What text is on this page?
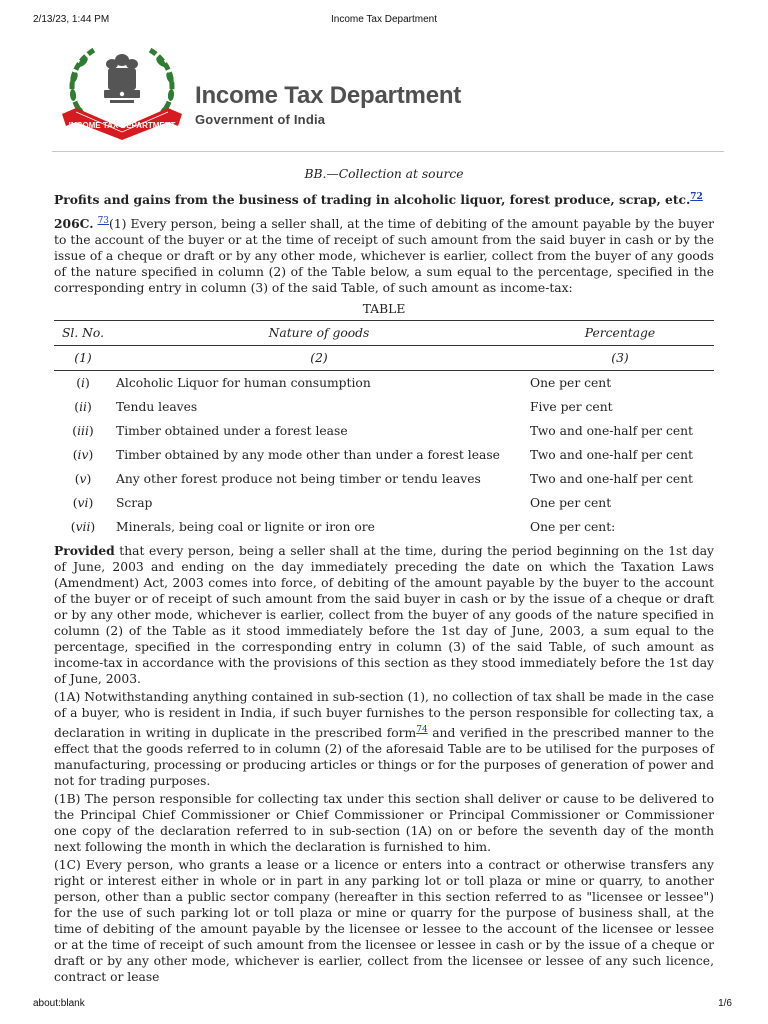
2/13/23, 1:44 PM	Income Tax Department
INCOME TAX DEPARTMENT
Income Tax Department
Government of India

BB.—Collection at source

Profits and gains from the business of trading in alcoholic liquor, forest produce, scrap, etc.$^{72}$

206C. $^{73}$(1) Every person, being a seller shall, at the time of debiting of the amount payable by the buyer to the account of the buyer or at the time of receipt of such amount from the said buyer in cash or by the issue of a cheque or draft or by any other mode, whichever is earlier, collect from the buyer of any goods of the nature specified in column (2) of the Table below, a sum equal to the percentage, specified in the corresponding entry in column (3) of the said Table, of such amount as income-tax:

TABLE
Sl. No.	Nature of goods	Percentage
(1)	(2)	(3)
(i)	Alcoholic Liquor for human consumption	One per cent
(ii)	Tendu leaves	Five per cent
(iii)	Timber obtained under a forest lease	Two and one-half per cent
(iv)	Timber obtained by any mode other than under a forest lease	Two and one-half per cent
(v)	Any other forest produce not being timber or tendu leaves	Two and one-half per cent
(vi)	Scrap	One per cent
(vii)	Minerals, being coal or lignite or iron ore	One per cent:

Provided that every person, being a seller shall at the time, during the period beginning on the 1st day of June, 2003 and ending on the day immediately preceding the date on which the Taxation Laws (Amendment) Act, 2003 comes into force, of debiting of the amount payable by the buyer to the account of the buyer or of receipt of such amount from the said buyer in cash or by the issue of a cheque or draft or by any other mode, whichever is earlier, collect from the buyer of any goods of the nature specified in column (2) of the Table as it stood immediately before the 1st day of June, 2003, a sum equal to the percentage, specified in the corresponding entry in column (3) of the said Table, of such amount as income-tax in accordance with the provisions of this section as they stood immediately before the 1st day of June, 2003.

(1A) Notwithstanding anything contained in sub-section (1), no collection of tax shall be made in the case of a buyer, who is resident in India, if such buyer furnishes to the person responsible for collecting tax, a declaration in writing in duplicate in the prescribed form$^{74}$ and verified in the prescribed manner to the effect that the goods referred to in column (2) of the aforesaid Table are to be utilised for the purposes of manufacturing, processing or producing articles or things or for the purposes of generation of power and not for trading purposes.

(1B) The person responsible for collecting tax under this section shall deliver or cause to be delivered to the Principal Chief Commissioner or Chief Commissioner or Principal Commissioner or Commissioner one copy of the declaration referred to in sub-section (1A) on or before the seventh day of the month next following the month in which the declaration is furnished to him.

(1C) Every person, who grants a lease or a licence or enters into a contract or otherwise transfers any right or interest either in whole or in part in any parking lot or toll plaza or mine or quarry, to another person, other than a public sector company (hereafter in this section referred to as "licensee or lessee") for the use of such parking lot or toll plaza or mine or quarry for the purpose of business shall, at the time of debiting of the amount payable by the licensee or lessee to the account of the licensee or lessee or at the time of receipt of such amount from the licensee or lessee in cash or by the issue of a cheque or draft or by any other mode, whichever is earlier, collect from the licensee or lessee of any such licence, contract or lease

about:blank	1/6
